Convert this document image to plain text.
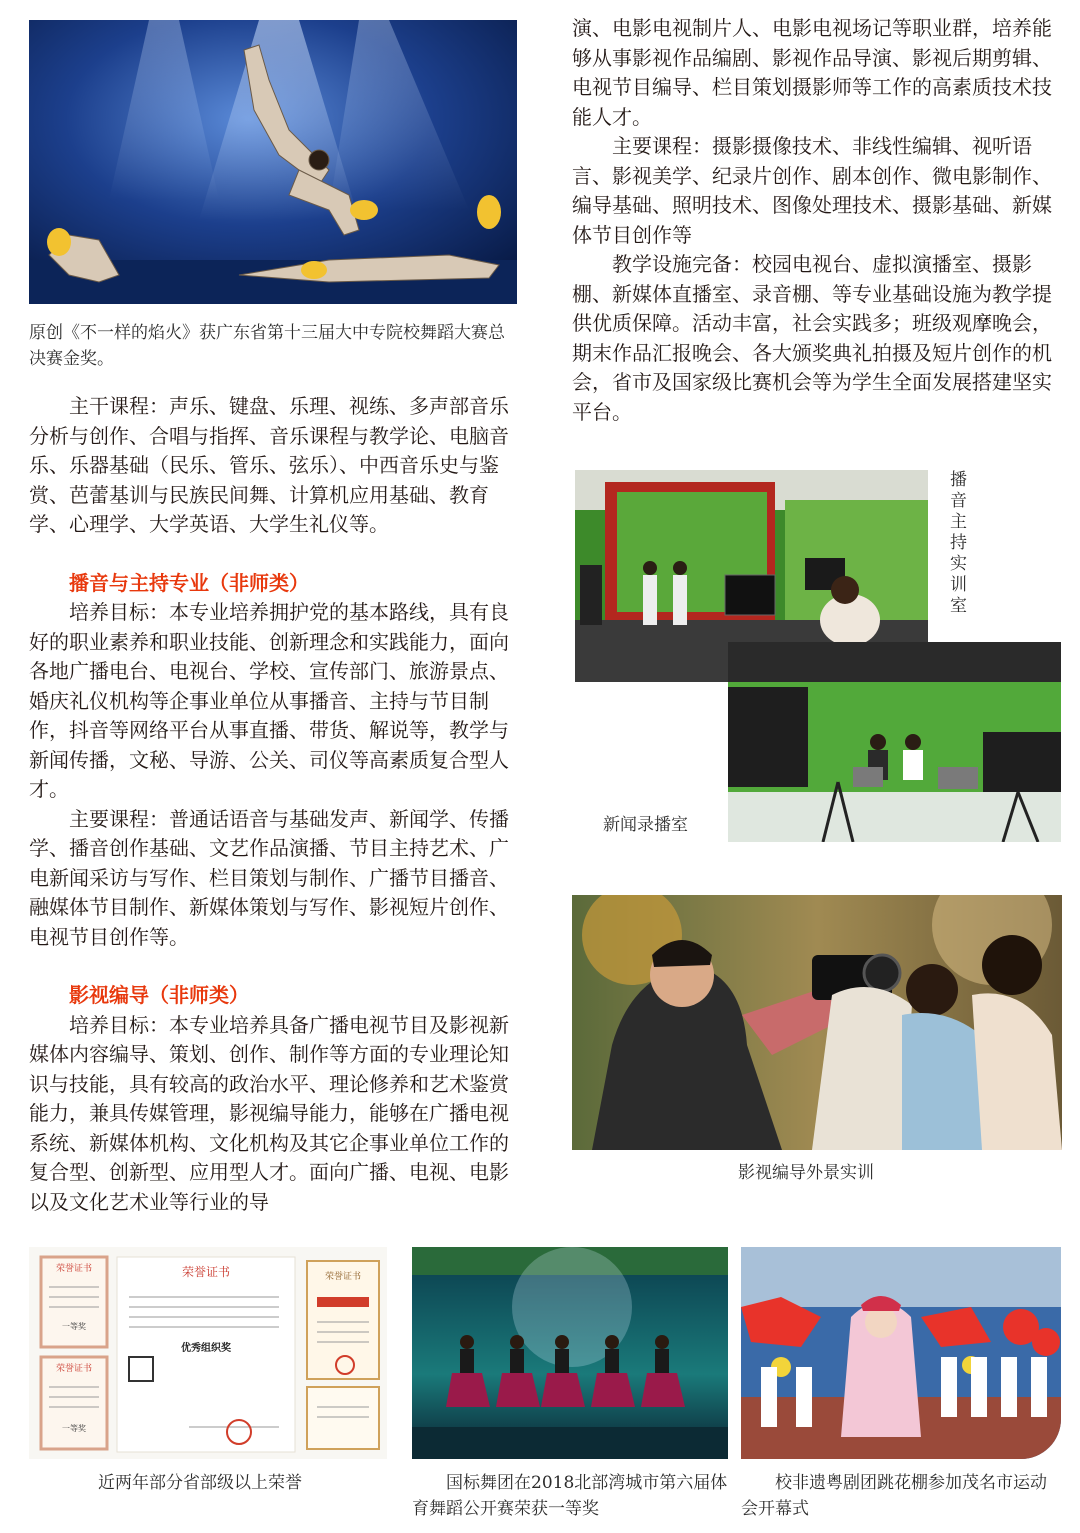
原创《不一样的焰火》获广东省第十三届大中专院校舞蹈大赛总决赛金奖。

主干课程：声乐、键盘、乐理、视练、多声部音乐分析与创作、合唱与指挥、音乐课程与教学论、电脑音乐、乐器基础（民乐、管乐、弦乐）、中西音乐史与鉴赏、芭蕾基训与民族民间舞、计算机应用基础、教育学、心理学、大学英语、大学生礼仪等。

播音与主持专业（非师类）

培养目标：本专业培养拥护党的基本路线，具有良好的职业素养和职业技能、创新理念和实践能力，面向各地广播电台、电视台、学校、宣传部门、旅游景点、婚庆礼仪机构等企事业单位从事播音、主持与节目制作，抖音等网络平台从事直播、带货、解说等，教学与新闻传播，文秘、导游、公关、司仪等高素质复合型人才。

主要课程：普通话语音与基础发声、新闻学、传播学、播音创作基础、文艺作品演播、节目主持艺术、广电新闻采访与写作、栏目策划与制作、广播节目播音、融媒体节目制作、新媒体策划与写作、影视短片创作、电视节目创作等。

影视编导（非师类）

培养目标：本专业培养具备广播电视节目及影视新媒体内容编导、策划、创作、制作等方面的专业理论知识与技能，具有较高的政治水平、理论修养和艺术鉴赏能力，兼具传媒管理，影视编导能力，能够在广播电视系统、新媒体机构、文化机构及其它企事业单位工作的复合型、创新型、应用型人才。面向广播、电视、电影以及文化艺术业等行业的导

演、电影电视制片人、电影电视场记等职业群，培养能够从事影视作品编剧、影视作品导演、影视后期剪辑、电视节目编导、栏目策划摄影师等工作的高素质技术技能人才。

主要课程：摄影摄像技术、非线性编辑、视听语言、影视美学、纪录片创作、剧本创作、微电影制作、编导基础、照明技术、图像处理技术、摄影基础、新媒体节目创作等

教学设施完备：校园电视台、虚拟演播室、摄影棚、新媒体直播室、录音棚、等专业基础设施为教学提供优质保障。活动丰富，社会实践多；班级观摩晚会，期末作品汇报晚会、各大颁奖典礼拍摄及短片创作的机会，省市及国家级比赛机会等为学生全面发展搭建坚实平台。

播音主持实训室
新闻录播室
影视编导外景实训
荣誉证书
一等奖
荣誉证书
一等奖
荣誉证书
优秀组织奖
荣誉证书
近两年部分省部级以上荣誉	国标舞团在2018北部湾城市第六届体育舞蹈公开赛荣获一等奖
校非遗粤剧团跳花棚参加茂名市运动会开幕式
